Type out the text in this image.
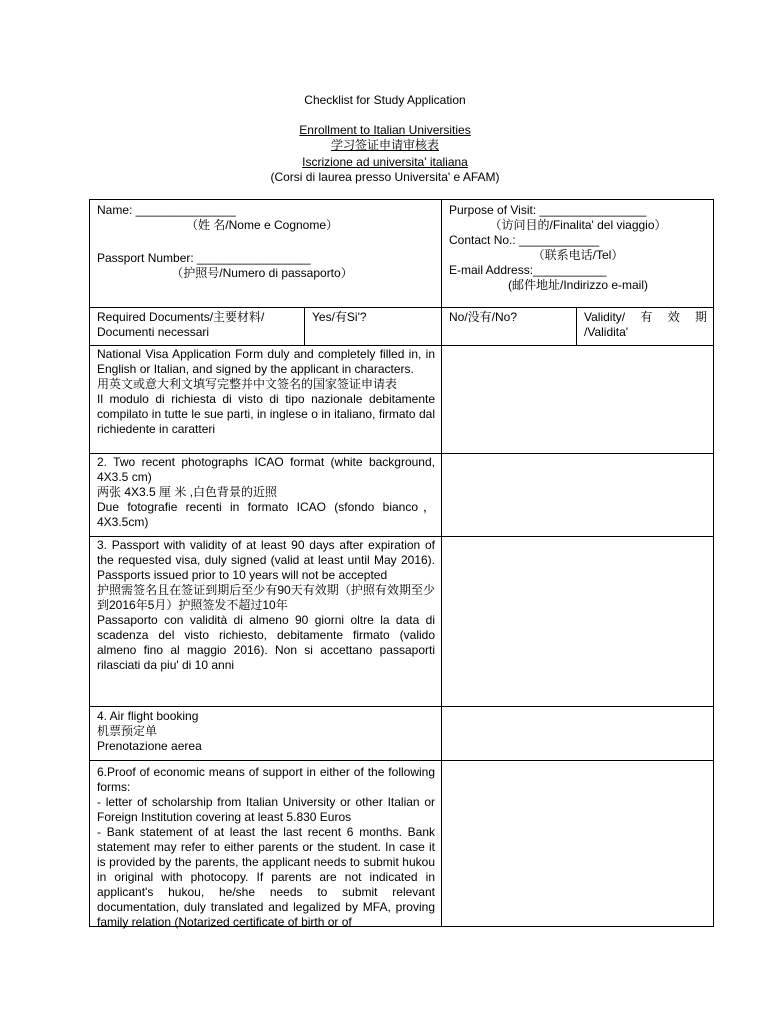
Checklist for Study Application
Enrollment to Italian Universities
学习签证申请审核表
Iscrizione ad universita' italiana
(Corsi di laurea presso Universita' e AFAM)

Name: _______________

（姓 名/Nome e Cognome）

Passport Number: _________________

（护照号/Numero di passaporto）

Purpose of Visit: ________________

（访问目的/Finalita' del viaggio）

Contact No.: ____________

（联系电话/Tel）

E-mail Address:___________

(邮件地址/Indirizzo e-mail)

Required Documents/主要材料/

Documenti necessari

Yes/有Si'?	No/没有/No?	Validity/ 有 效 期

/Validita'

National Visa Application Form duly and completely filled in, in English or Italian, and signed by the applicant in characters.

用英文或意大利文填写完整并中文签名的国家签证申请表

Il modulo di richiesta di visto di tipo nazionale debitamente compilato in tutte le sue parti, in inglese o in italiano, firmato dal richiedente in caratteri

2. Two recent photographs ICAO format (white background, 4X3.5 cm)

两张 4X3.5 厘 米 ,白色背景的近照

Due fotografie recenti in formato ICAO (sfondo bianco，4X3.5cm)

3. Passport with validity of at least 90 days after expiration of the requested visa, duly signed (valid at least until May 2016). Passports issued prior to 10 years will not be accepted

护照需签名且在签证到期后至少有90天有效期（护照有效期至少到2016年5月）护照签发不超过10年

Passaporto con validità di almeno 90 giorni oltre la data di scadenza del visto richiesto, debitamente firmato (valido almeno fino al maggio 2016). Non si accettano passaporti rilasciati da piu' di 10 anni

4. Air flight booking

机票预定单

Prenotazione aerea

6.Proof of economic means of support in either of the following forms:

- letter of scholarship from Italian University or other Italian or Foreign Institution covering at least 5.830 Euros

- Bank statement of at least the last recent 6 months. Bank statement may refer to either parents or the student. In case it is provided by the parents, the applicant needs to submit hukou in original with photocopy. If parents are not indicated in applicant's hukou, he/she needs to submit relevant documentation, duly translated and legalized by MFA, proving family relation (Notarized certificate of birth or of
